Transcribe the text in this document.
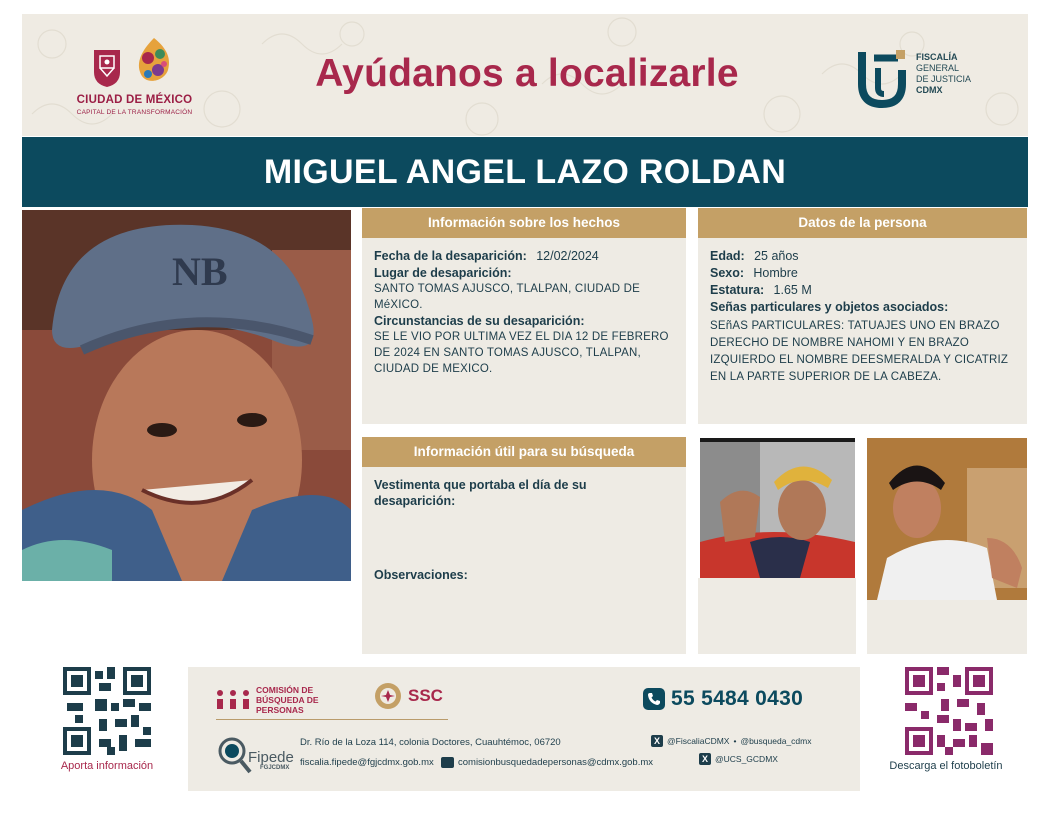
CIUDAD DE MÉXICO
CAPITAL DE LA TRANSFORMACIÓN
Ayúdanos a localizarle	FISCALÍA
GENERAL
DE JUSTICIA
CDMX
MIGUEL ANGEL LAZO ROLDAN
NB
Información sobre los hechos
Fecha de la desaparición: 12/02/2024
Lugar de desaparición:
SANTO TOMAS AJUSCO, TLALPAN, CIUDAD DE MéXICO.
Circunstancias de su desaparición:
SE LE VIO POR ULTIMA VEZ EL DIA 12 DE FEBRERO DE 2024 EN SANTO TOMAS AJUSCO, TLALPAN, CIUDAD DE MEXICO.
Datos de la persona
Edad: 25 años
Sexo: Hombre
Estatura: 1.65 M
Señas particulares y objetos asociados:
SEñAS PARTICULARES: TATUAJES UNO EN BRAZO DERECHO DE NOMBRE NAHOMI Y EN BRAZO IZQUIERDO EL NOMBRE DEESMERALDA Y CICATRIZ EN LA PARTE SUPERIOR DE LA CABEZA.
Información útil para su búsqueda
Vestimenta que portaba el día de su desaparición:
Observaciones:
Aporta información	Descarga el fotoboletín
COMISIÓN DE BÚSQUEDA DE PERSONAS
SSC
Fipede
FGJCDMX
Dr. Río de la Loza 114, colonia Doctores, Cuauhtémoc, 06720
fiscalia.fipede@fgjcdmx.gob.mx	comisionbusquedadepersonas@cdmx.gob.mx
55 5484 0430
X @FiscaliaCDMX • @busqueda_cdmx
X @UCS_GCDMX
